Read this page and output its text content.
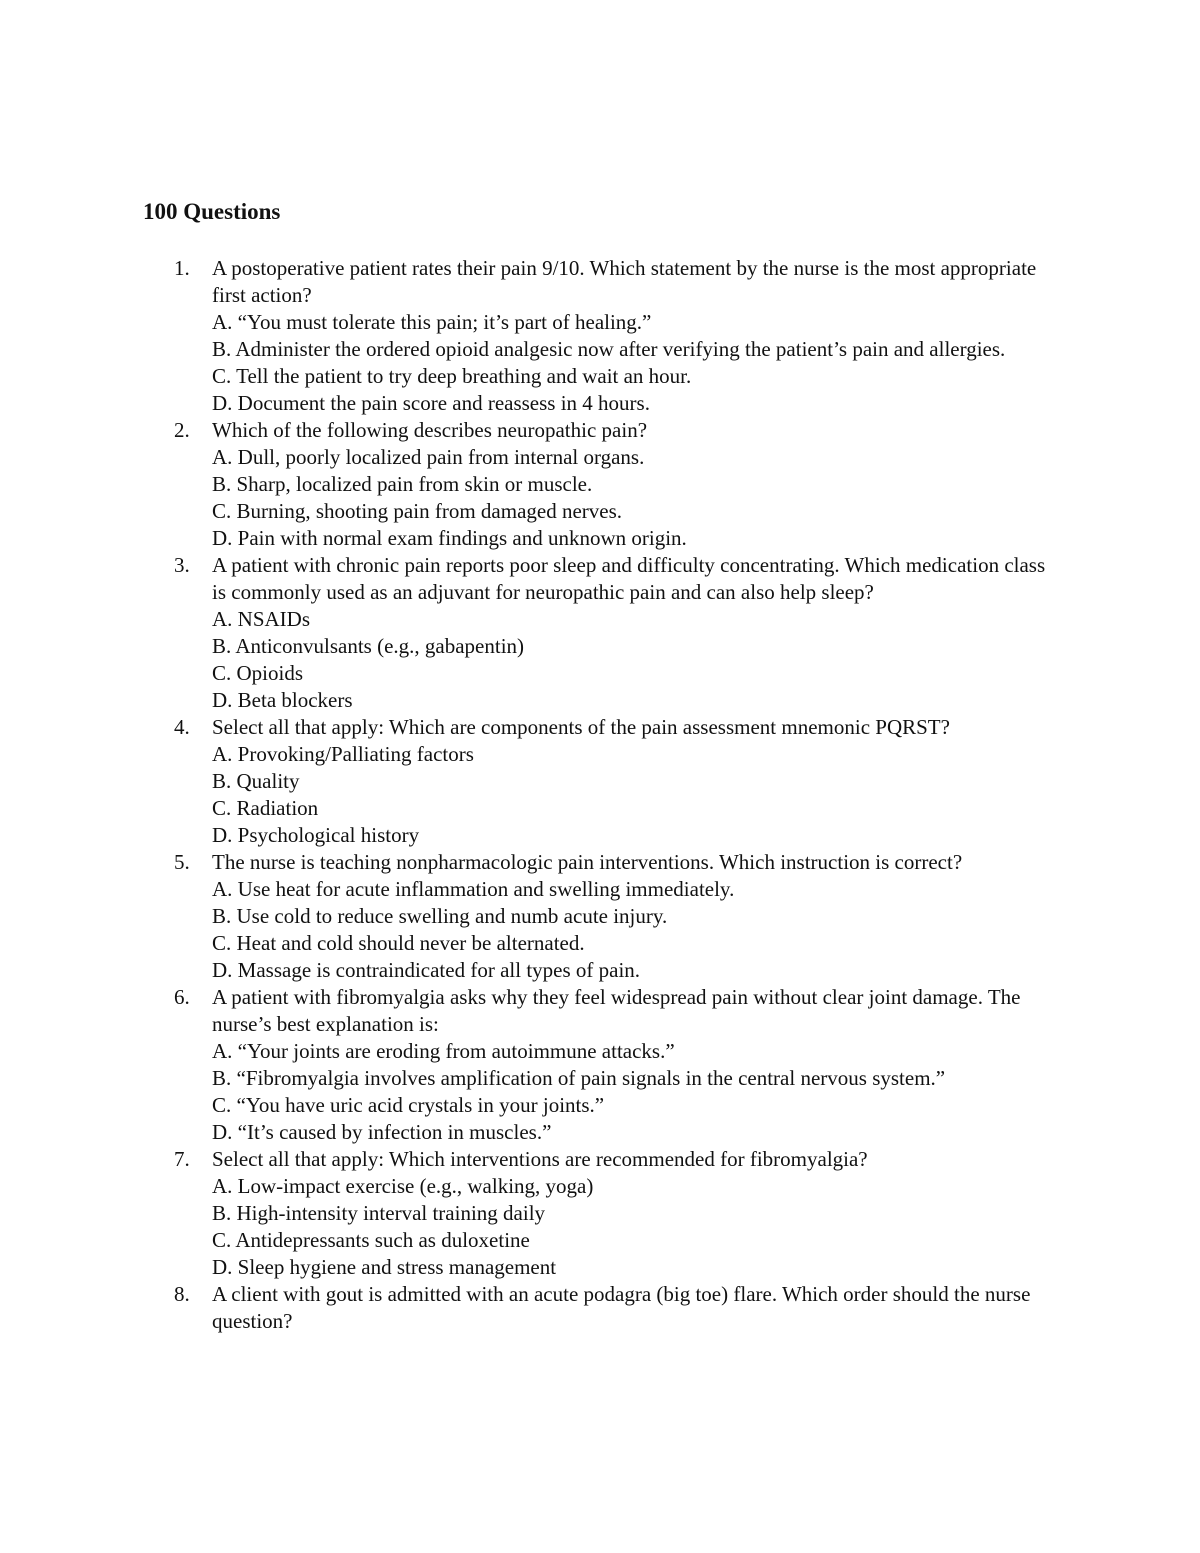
100 Questions
1. A postoperative patient rates their pain 9/10. Which statement by the nurse is the most appropriate first action?
A. “You must tolerate this pain; it’s part of healing.”
B. Administer the ordered opioid analgesic now after verifying the patient’s pain and allergies.
C. Tell the patient to try deep breathing and wait an hour.
D. Document the pain score and reassess in 4 hours.
2. Which of the following describes neuropathic pain?
A. Dull, poorly localized pain from internal organs.
B. Sharp, localized pain from skin or muscle.
C. Burning, shooting pain from damaged nerves.
D. Pain with normal exam findings and unknown origin.
3. A patient with chronic pain reports poor sleep and difficulty concentrating. Which medication class is commonly used as an adjuvant for neuropathic pain and can also help sleep?
A. NSAIDs
B. Anticonvulsants (e.g., gabapentin)
C. Opioids
D. Beta blockers
4. Select all that apply: Which are components of the pain assessment mnemonic PQRST?
A. Provoking/Palliating factors
B. Quality
C. Radiation
D. Psychological history
5. The nurse is teaching nonpharmacologic pain interventions. Which instruction is correct?
A. Use heat for acute inflammation and swelling immediately.
B. Use cold to reduce swelling and numb acute injury.
C. Heat and cold should never be alternated.
D. Massage is contraindicated for all types of pain.
6. A patient with fibromyalgia asks why they feel widespread pain without clear joint damage. The nurse’s best explanation is:
A. “Your joints are eroding from autoimmune attacks.”
B. “Fibromyalgia involves amplification of pain signals in the central nervous system.”
C. “You have uric acid crystals in your joints.”
D. “It’s caused by infection in muscles.”
7. Select all that apply: Which interventions are recommended for fibromyalgia?
A. Low-impact exercise (e.g., walking, yoga)
B. High-intensity interval training daily
C. Antidepressants such as duloxetine
D. Sleep hygiene and stress management
8. A client with gout is admitted with an acute podagra (big toe) flare. Which order should the nurse question?
